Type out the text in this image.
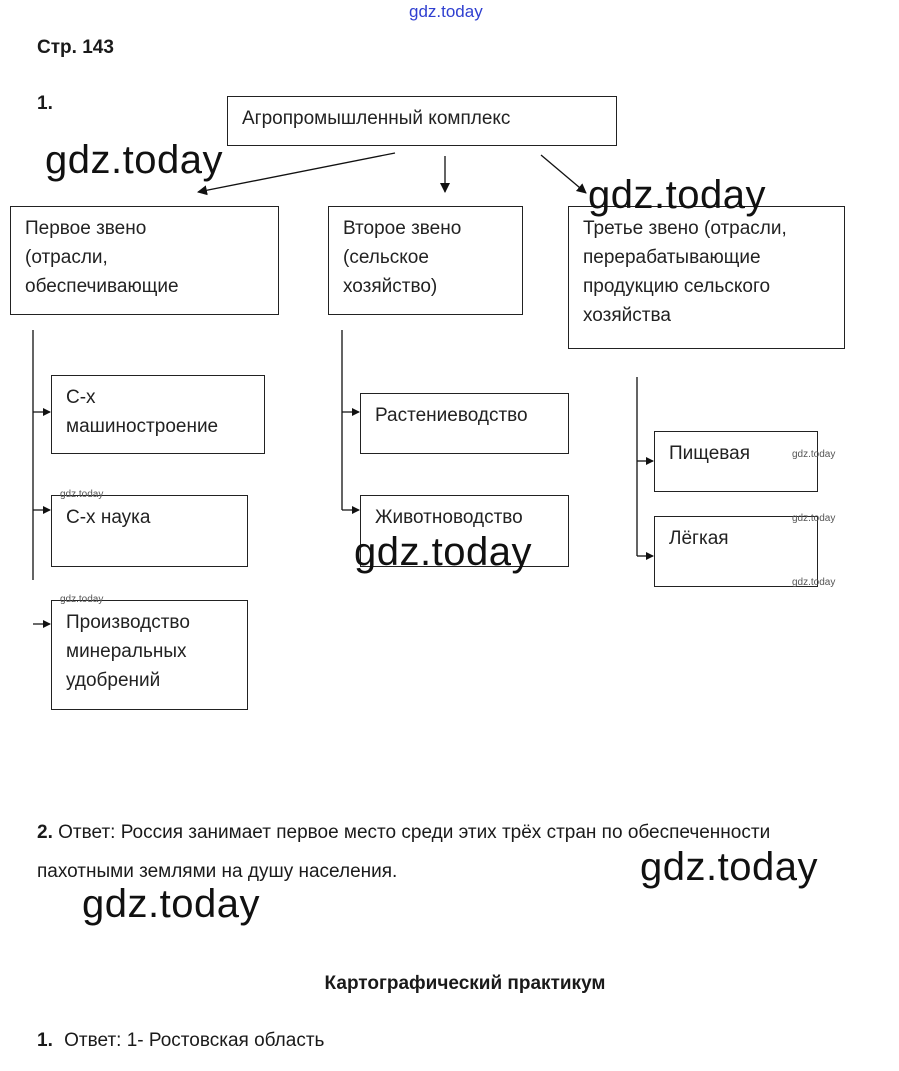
gdz.today
Стр. 143
1.
Агропромышленный комплекс
Первое звено
(отрасли,
обеспечивающие
Второе звено
(сельское
хозяйство)
Третье звено (отрасли,
перерабатывающие
продукцию сельского
хозяйства
С-х
машиностроение
С-х наука
Производство
минеральных
удобрений
Растениеводство
Животноводство
Пищевая
Лёгкая
gdz.today
gdz.today
gdz.today
gdz.today
gdz.today
gdz.today
gdz.today
gdz.today
gdz.today
gdz.today
2. Ответ: Россия занимает первое место среди этих трёх стран по обеспеченности
пахотными землями на душу населения.
Картографический практикум
1. Ответ: 1- Ростовская область
